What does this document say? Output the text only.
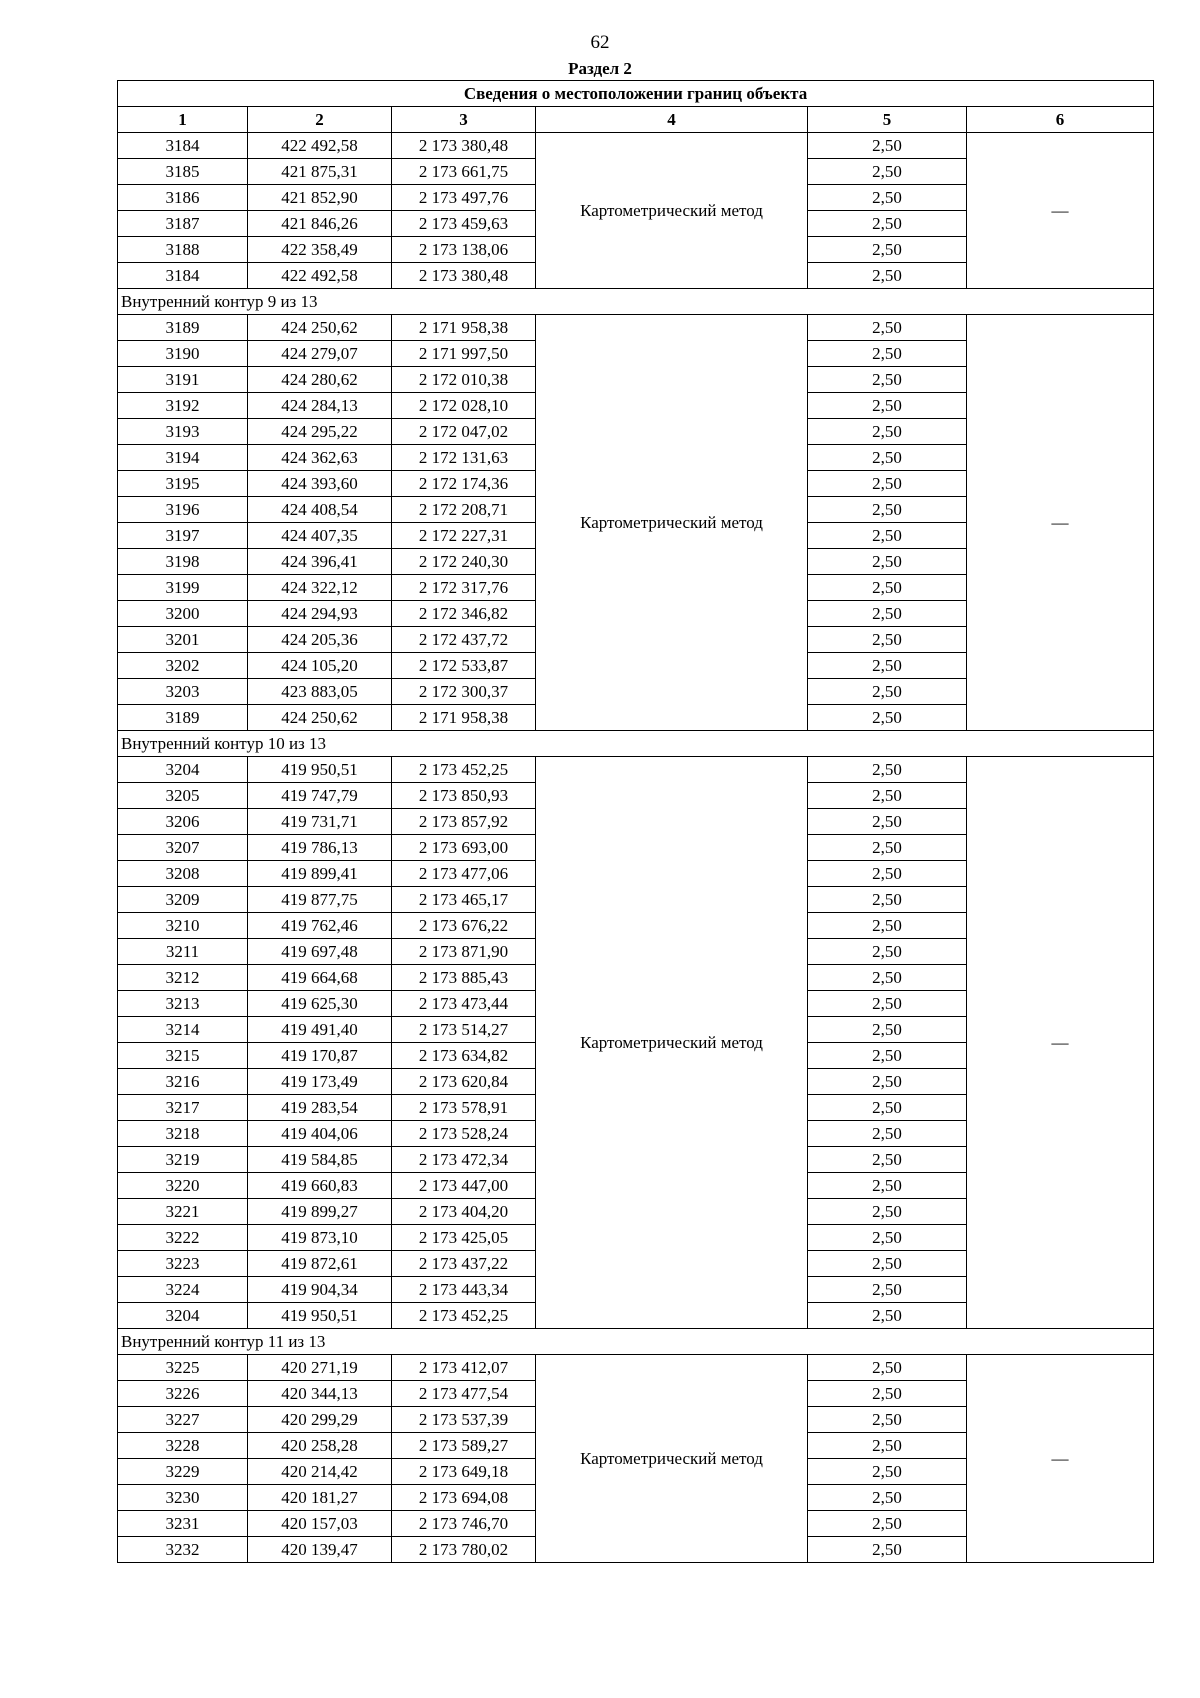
62
Раздел 2
Сведения о местоположении границ объекта					
1	2	3	4	5	6
3184	422 492,58	2 173 380,48	Картометрический метод	2,50	—
3185	421 875,31	2 173 661,75		2,50	
3186	421 852,90	2 173 497,76		2,50	
3187	421 846,26	2 173 459,63		2,50	
3188	422 358,49	2 173 138,06		2,50	
3184	422 492,58	2 173 380,48		2,50	
Внутренний контур 9 из 13					
3189	424 250,62	2 171 958,38	Картометрический метод	2,50	—
3190	424 279,07	2 171 997,50		2,50	
3191	424 280,62	2 172 010,38		2,50	
3192	424 284,13	2 172 028,10		2,50	
3193	424 295,22	2 172 047,02		2,50	
3194	424 362,63	2 172 131,63		2,50	
3195	424 393,60	2 172 174,36		2,50	
3196	424 408,54	2 172 208,71		2,50	
3197	424 407,35	2 172 227,31		2,50	
3198	424 396,41	2 172 240,30		2,50	
3199	424 322,12	2 172 317,76		2,50	
3200	424 294,93	2 172 346,82		2,50	
3201	424 205,36	2 172 437,72		2,50	
3202	424 105,20	2 172 533,87		2,50	
3203	423 883,05	2 172 300,37		2,50	
3189	424 250,62	2 171 958,38		2,50	
Внутренний контур 10 из 13					
3204	419 950,51	2 173 452,25	Картометрический метод	2,50	—
3205	419 747,79	2 173 850,93		2,50	
3206	419 731,71	2 173 857,92		2,50	
3207	419 786,13	2 173 693,00		2,50	
3208	419 899,41	2 173 477,06		2,50	
3209	419 877,75	2 173 465,17		2,50	
3210	419 762,46	2 173 676,22		2,50	
3211	419 697,48	2 173 871,90		2,50	
3212	419 664,68	2 173 885,43		2,50	
3213	419 625,30	2 173 473,44		2,50	
3214	419 491,40	2 173 514,27		2,50	
3215	419 170,87	2 173 634,82		2,50	
3216	419 173,49	2 173 620,84		2,50	
3217	419 283,54	2 173 578,91		2,50	
3218	419 404,06	2 173 528,24		2,50	
3219	419 584,85	2 173 472,34		2,50	
3220	419 660,83	2 173 447,00		2,50	
3221	419 899,27	2 173 404,20		2,50	
3222	419 873,10	2 173 425,05		2,50	
3223	419 872,61	2 173 437,22		2,50	
3224	419 904,34	2 173 443,34		2,50	
3204	419 950,51	2 173 452,25		2,50	
Внутренний контур 11 из 13					
3225	420 271,19	2 173 412,07	Картометрический метод	2,50	—
3226	420 344,13	2 173 477,54		2,50	
3227	420 299,29	2 173 537,39		2,50	
3228	420 258,28	2 173 589,27		2,50	
3229	420 214,42	2 173 649,18		2,50	
3230	420 181,27	2 173 694,08		2,50	
3231	420 157,03	2 173 746,70		2,50	
3232	420 139,47	2 173 780,02		2,50	
